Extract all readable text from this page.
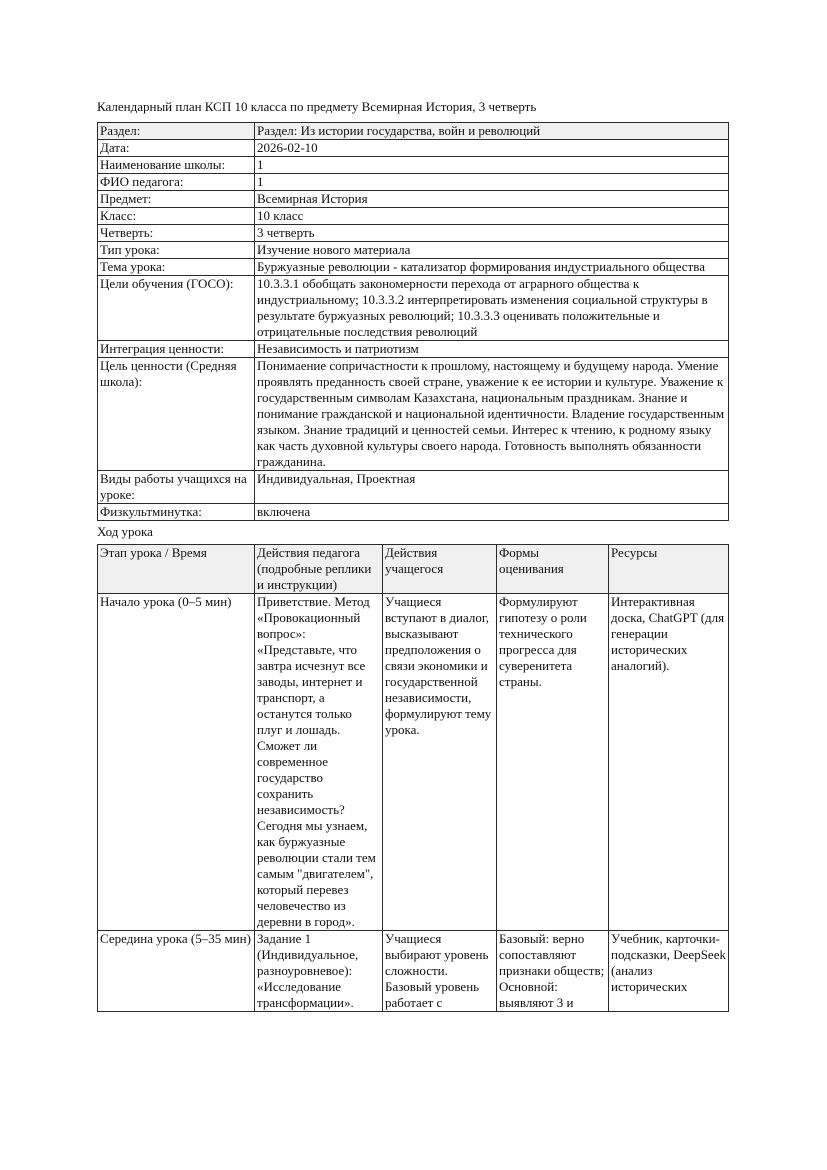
Календарный план КСП 10 класса по предмету Всемирная История, 3 четверть
Раздел:	Раздел: Из истории государства, войн и революций
Дата:	2026-02-10
Наименование школы:	1
ФИО педагога:	1
Предмет:	Всемирная История
Класс:	10 класс
Четверть:	3 четверть
Тип урока:	Изучение нового материала
Тема урока:	Буржуазные революции - катализатор формирования индустриального общества
Цели обучения (ГОСО):	10.3.3.1 обобщать закономерности перехода от аграрного общества к индустриальному; 10.3.3.2 интерпретировать изменения социальной структуры в результате буржуазных революций; 10.3.3.3 оценивать положительные и отрицательные последствия революций
Интеграция ценности:	Независимость и патриотизм
Цель ценности (Средняя школа):	Понимаение сопричастности к прошлому, настоящему и будущему народа. Умение проявлять преданность своей стране, уважение к ее истории и культуре. Уважение к государственным символам Казахстана, национальным праздникам. Знание и понимание гражданской и национальной идентичности. Владение государственным языком. Знание традиций и ценностей семьи. Интерес к чтению, к родному языку как часть духовной культуры своего народа. Готовность выполнять обязанности гражданина.
Виды работы учащихся на уроке:	Индивидуальная, Проектная
Физкультминутка:	включена
Ход урока
Этап урока / Время	Действия педагога (подробные реплики и инструкции)	Действия учащегося	Формы оценивания	Ресурсы
Начало урока (0–5 мин)	Приветствие. Метод «Провокационный вопрос»: «Представьте, что завтра исчезнут все заводы, интернет и транспорт, а останутся только плуг и лошадь. Сможет ли современное государство сохранить независимость? Сегодня мы узнаем, как буржуазные революции стали тем самым "двигателем", который перевез человечество из деревни в город».	Учащиеся вступают в диалог, высказывают предположения о связи экономики и государственной независимости, формулируют тему урока.	Формулируют гипотезу о роли технического прогресса для суверенитета страны.	Интерактивная доска, ChatGPT (для генерации исторических аналогий).

Середина урока (5–35 мин)	Задание 1 (Индивидуальное, разноуровневое): «Исследование трансформации».	Учащиеся выбирают уровень сложности. Базовый уровень работает с	Базовый: верно сопоставляют признаки обществ; Основной: выявляют 3 и	Учебник, карточки-подсказки, DeepSeek (анализ исторических
